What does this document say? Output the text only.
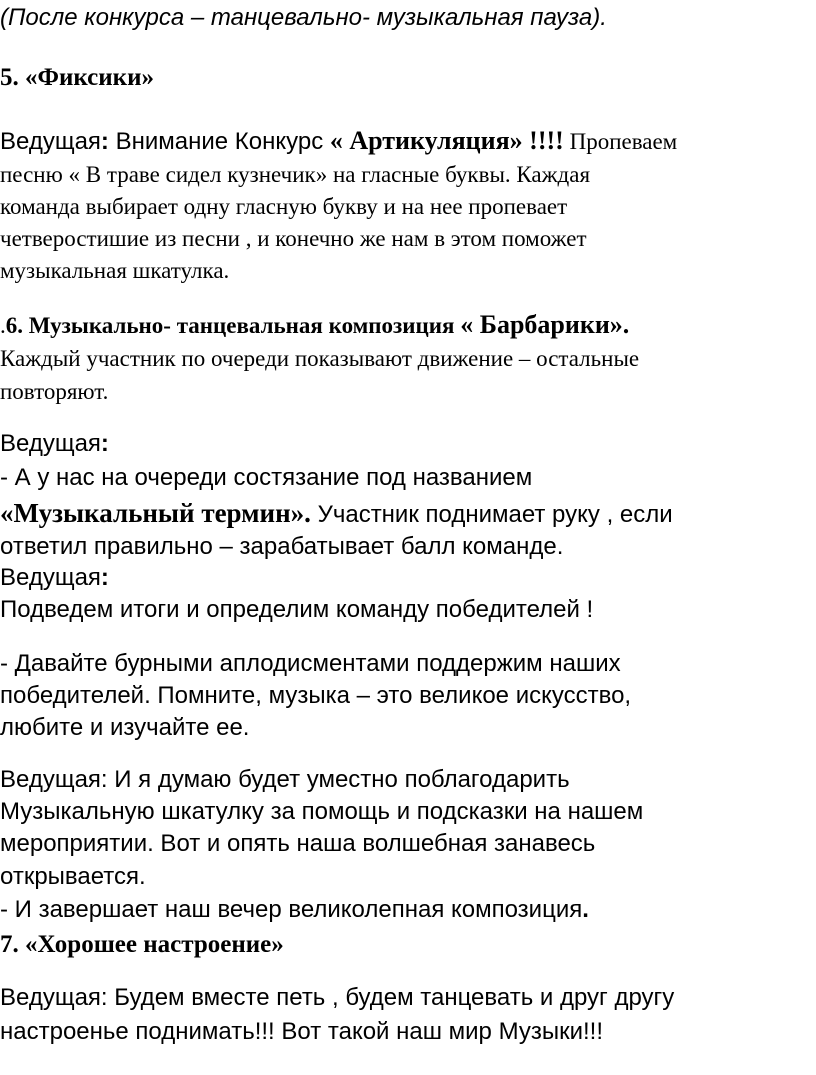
(После конкурса – танцевально- музыкальная пауза).

5. «Фиксики»

Ведущая: Внимание Конкурс « Артикуляция» !!!! Пропеваем

песню « В траве сидел кузнечик» на гласные буквы. Каждая

команда выбирает одну гласную букву и на нее пропевает

четверостишие из песни , и конечно же нам в этом поможет

музыкальная шкатулка.

.6. Музыкально- танцевальная композиция « Барбарики».

Каждый участник по очереди показывают движение – остальные

повторяют.

Ведущая:

- А у нас на очереди состязание под названием

«Музыкальный термин». Участник поднимает руку , если

ответил правильно – зарабатывает балл команде.

Ведущая:

Подведем итоги и определим команду победителей !

- Давайте бурными аплодисментами поддержим наших

победителей. Помните, музыка – это великое искусство,

любите и изучайте ее.

Ведущая: И я думаю будет уместно поблагодарить

Музыкальную шкатулку за помощь и подсказки на нашем

мероприятии. Вот и опять наша волшебная занавесь

открывается.

- И завершает наш вечер великолепная композиция.

7. «Хорошее настроение»

Ведущая: Будем вместе петь , будем танцевать и друг другу

настроенье поднимать!!! Вот такой наш мир Музыки!!!
